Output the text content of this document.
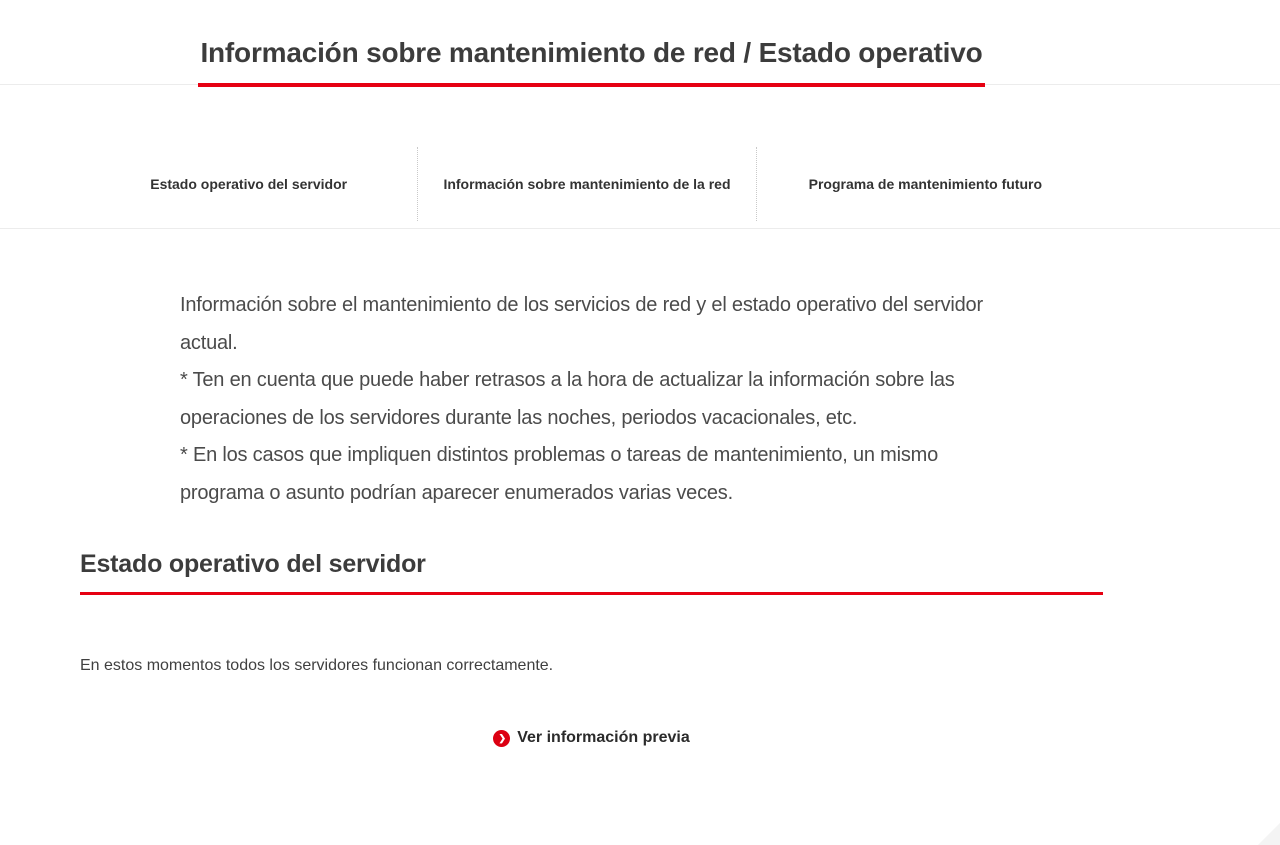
Información sobre mantenimiento de red / Estado operativo
Estado operativo del servidor	Información sobre mantenimiento de la red	Programa de mantenimiento futuro

Información sobre el mantenimiento de los servicios de red y el estado operativo del servidor actual.

* Ten en cuenta que puede haber retrasos a la hora de actualizar la información sobre las operaciones de los servidores durante las noches, periodos vacacionales, etc.

* En los casos que impliquen distintos problemas o tareas de mantenimiento, un mismo programa o asunto podrían aparecer enumerados varias veces.

Estado operativo del servidor

En estos momentos todos los servidores funcionan correctamente.

❯ Ver información previa
